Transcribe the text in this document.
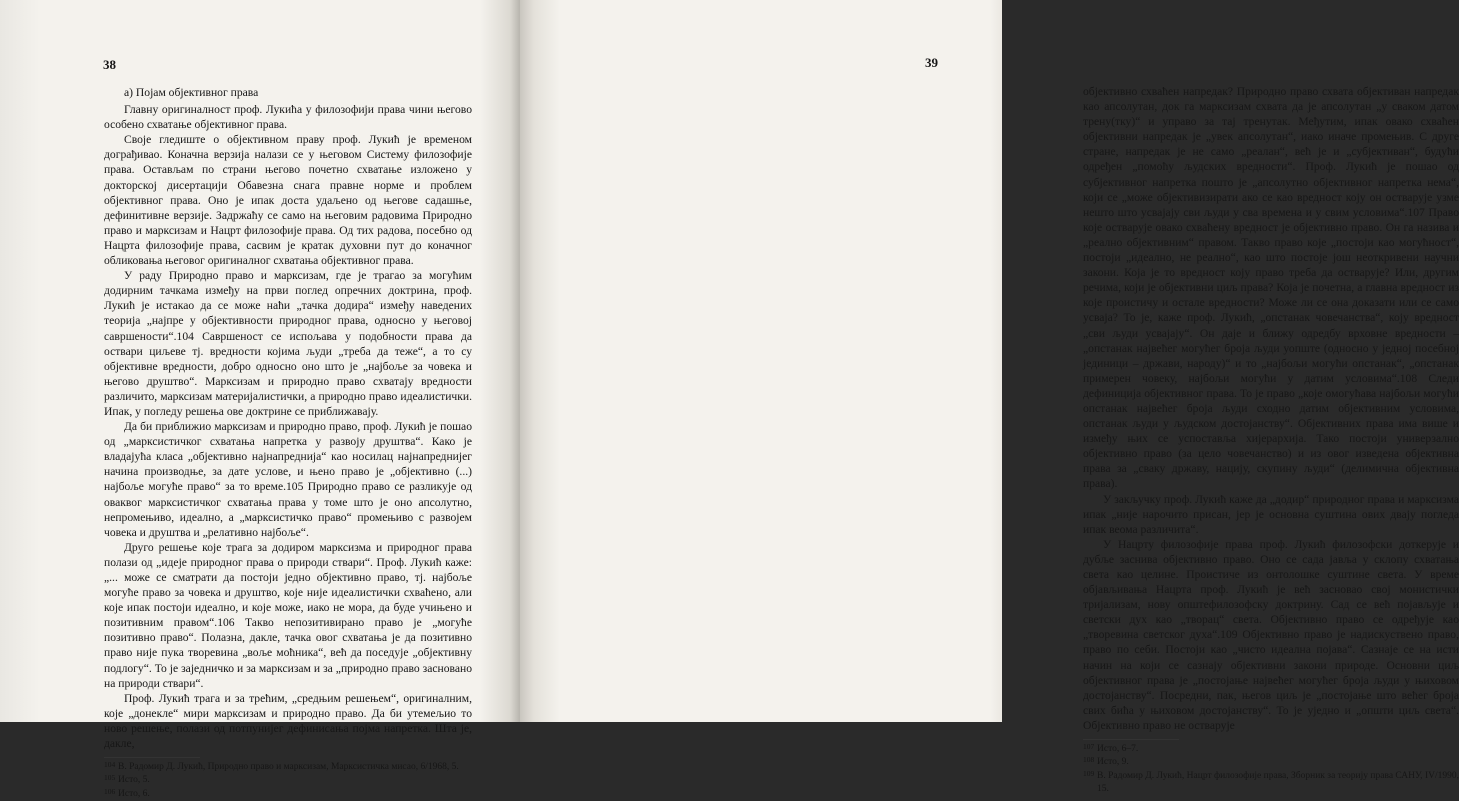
38

а) Појам објективног права

Главну оригиналност проф. Лукића у филозофији права чини његово особено схватање објективног права.

Своје гледиште о објективном праву проф. Лукић је временом дограђивао. Коначна верзија налази се у његовом Систему филозофије права. Остављам по страни његово почетно схватање изложено у докторској дисертацији Обавезна снага правне норме и проблем објективног права. Оно је ипак доста удаљено од његове садашње, дефинитивне верзије. Задржаћу се само на његовим радовима Природно право и марксизам и Нацрт филозофије права. Од тих радова, посебно од Нацрта филозофије права, сасвим је кратак духовни пут до коначног обликовања његовог оригиналног схватања објективног права.

У раду Природно право и марксизам, где је трагао за могућим додирним тачкама између на први поглед опречних доктрина, проф. Лукић је истакао да се може наћи „тачка додира“ између наведених теорија „најпре у објективности природног права, односно у његовој савршености“.104 Савршеност се испољава у подобности права да оствари циљеве тј. вредности којима људи „треба да теже“, а то су објективне вредности, добро односно оно што је „најбоље за човека и његово друштво“. Марксизам и природно право схватају вредности различито, марксизам материјалистички, а природно право идеалистички. Ипак, у погледу решења ове доктрине се приближавају.

Да би приближио марксизам и природно право, проф. Лукић је пошао од „марксистичког схватања напретка у развоју друштва“. Како је владајућа класа „објективно најнапреднија“ као носилац најнапреднијег начина производње, за дате услове, и њено право је „објективно (...) најбоље могуће право“ за то време.105 Природно право се разликује од оваквог марксистичког схватања права у томе што је оно апсолутно, непромењиво, идеално, а „марксистичко право“ промењиво с развојем човека и друштва и „релативно најбоље“.

Друго решење које трага за додиром марксизма и природног права полази од „идеје природног права о природи ствари“. Проф. Лукић каже: „... може се сматрати да постоји једно објективно право, тј. најбоље могуће право за човека и друштво, које није идеалистички схваћено, али које ипак постоји идеално, и које може, иако не мора, да буде учињено и позитивним правом“.106 Такво непозитивирано право је „могуће позитивно право“. Полазна, дакле, тачка овог схватања је да позитивно право није пука творевина „воље моћника“, већ да поседује „објективну подлогу“. То је заједничко и за марксизам и за „природно право засновано на природи ствари“.

Проф. Лукић трага и за трећим, „средњим решењем“, оригиналним, које „донекле“ мири марксизам и природно право. Да би утемељио то ново решење, полази од потпунијег дефинисања појма напретка. Шта је, дакле,

104 В. Радомир Д. Лукић, Природно право и марксизам, Марксистичка мисао, 6/1968, 5.

105 Исто, 5.

106 Исто, 6.

објективно схваћен напредак? Природно право схвата објективан напредак као апсолутан, док га марксизам схвата да је апсолутан „у сваком датом трену(тку)“ и управо за тај тренутак. Међутим, ипак овако схваћен објективни напредак је „увек апсолутан“, иако иначе промењив. С друге стране, напредак је не само „реалан“, већ је и „субјективан“, будући одређен „помоћу људских вредности“. Проф. Лукић је пошао од субјективног напретка пошто је „апсолутно објективног напретка нема“, који се „може објективизирати ако се као вредност коју он остварује узме нешто што усвајају сви људи у сва времена и у свим условима“.107 Право које остварује овако схваћену вредност је објективно право. Он га назива и „реално објективним“ правом. Такво право које „постоји као могућност“, постоји „идеално, не реално“, као што постоје још неоткривени научни закони. Која је то вредност коју право треба да остварује? Или, другим речима, који је објективни циљ права? Која је почетна, а главна вредност из које проистичу и остале вредности? Може ли се она доказати или се само усваја? То је, каже проф. Лукић, „опстанак човечанства“, коју вредност „сви људи усвајају“. Он даје и ближу одредбу врховне вредности – „опстанак највећег могућег броја људи уопште (односно у једној посебној јединици – држави, народу)“ и то „најбољи могући опстанак“, „опстанак примерен човеку, најбољи могући у датим условима“.108 Следи дефиниција објективног права. То је право „које омогућава најбољи могући опстанак највећег броја људи сходно датим објективним условима, опстанак људи у људском достојанству“. Објективних права има више и између њих се успоставља хијерархија. Тако постоји универзално објективно право (за цело човечанство) и из овог изведена објективна права за „сваку државу, нацију, скупину људи“ (делимична објективна права).

У закључку проф. Лукић каже да „додир“ природног права и марксизма ипак „није нарочито присан, јер је основна суштина ових двају погледа ипак веома различита“.

У Нацрту филозофије права проф. Лукић филозофски доткерује и дубље заснива објективно право. Оно се сада јавља у склопу схватања света као целине. Проистиче из онтолошке суштине света. У време објављивања Нацрта проф. Лукић је већ засновао свој монистички тријализам, нову општефилозофску доктрину. Сад се већ појављује и светски дух као „творац“ света. Објективно право се одређује као „творевина светског духа“.109 Објективно право је надискуствено право, право по себи. Постоји као „чисто идеална појава“. Сазнаје се на исти начин на који се сазнају објективни закони природе. Основни циљ објективног права је „постојање највећег могућег броја људи у њиховом достојанству“. Посредни, пак, његов циљ је „постојање што већег броја свих бића у њиховом достојанству“. То је уједно и „општи циљ света“. Објективно право не остварује

107 Исто, 6–7.

108 Исто, 9.

109 В. Радомир Д. Лукић, Нацрт филозофије права, Зборник за теорију права САНУ, IV/1990, 15.

39
